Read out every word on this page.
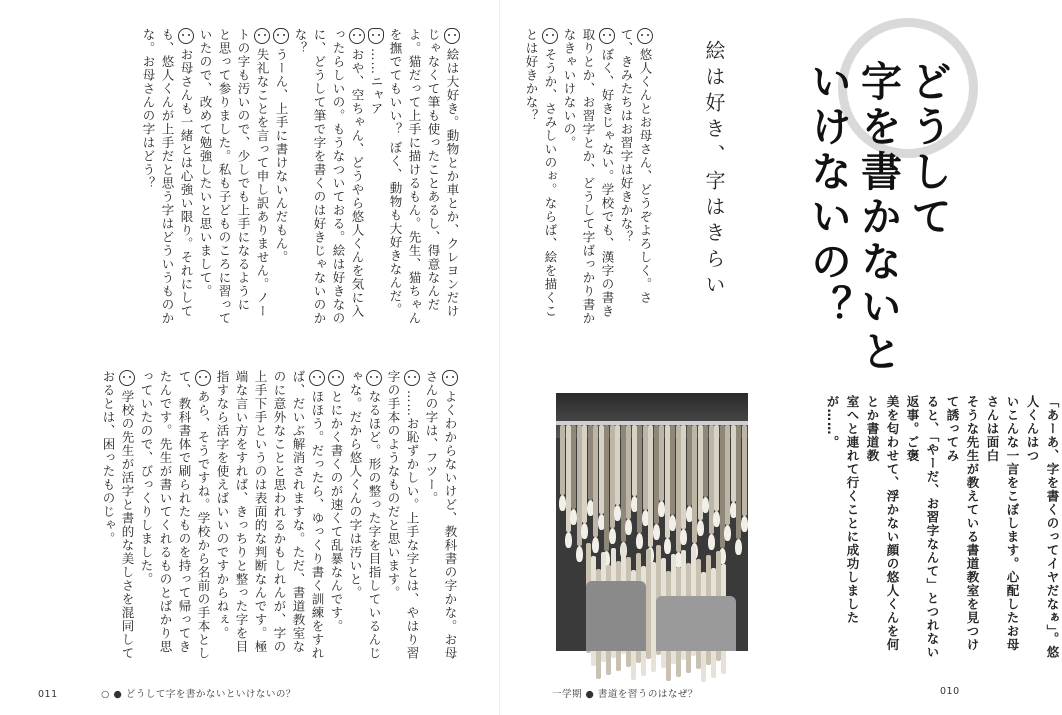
どうして
字を書かないと
いけないの？
絵は好き、字はきらい
「あーあ、字を書くのってイヤだなぁ」。悠人くんはつ
いこんな一言をこぼします。心配したお母さんは面白
そうな先生が教えている書道教室を見つけて誘ってみ
ると、「やーだ、お習字なんて」とつれない返事。ご褒
美を匂わせて、浮かない顔の悠人くんを何とか書道教
室へと連れて行くことに成功しましたが……。
悠人くんとお母さん、どうぞよろしく。さて、きみたちはお習字は好きかな？
ぼく、好きじゃない。学校でも、漢字の書き取りとか、お習字とか、どうして字ばっかり書かなきゃいけないの。
そうか、さみしいのぉ。ならば、絵を描くことは好きかな？
絵は大好き。動物とか車とか、クレヨンだけじゃなくて筆も使ったことあるし、得意なんだよ。猫だって上手に描けるもん。先生、猫ちゃんを撫でてもいい？ ぼく、動物も大好きなんだ。
……ニャア
おや、空ちゃん、どうやら悠人くんを気に入ったらしいの。もうなついておる。絵は好きなのに、どうして筆で字を書くのは好きじゃないのかな？
うーん、上手に書けないんだもん。
失礼なことを言って申し訳ありません。ノートの字も汚いので、少しでも上手になるように と思って参りました。私も子どものころに習っていたので、改めて勉強したいと思いまして。
お母さんも一緒とは心強い限り。それにしても、悠人くんが上手だと思う字はどういうものかな。お母さんの字はどう？
よくわからないけど、教科書の字かな。お母さんの字は、フツー。
……お恥ずかしい。上手な字とは、やはり習字の手本のようなものだと思います。
なるほど。形の整った字を目指しているんじゃな。だから悠人くんの字は汚いと。
とにかく書くのが速くて乱暴なんです。
ほほう。だったら、ゆっくり書く訓練をすれば、だいぶ解消されますな。ただ、書道教室なのに意外なことと思われるかもしれんが、字の上手下手というのは表面的な判断なんです。極端な言い方をすれば、きっちりと整った字を目指すなら活字を使えばいいのですからねぇ。
あら、そうですね。学校から名前の手本として、教科書体で刷られたものを持って帰ってきたんです。先生が書いてくれるものとばかり思っていたので、びっくりしました。
学校の先生が活字と書的な美しさを混同しておるとは、困ったものじゃ。
011	○ ● どうして字を書かないといけないの？	一学期 ● 書道を習うのはなぜ？	010
